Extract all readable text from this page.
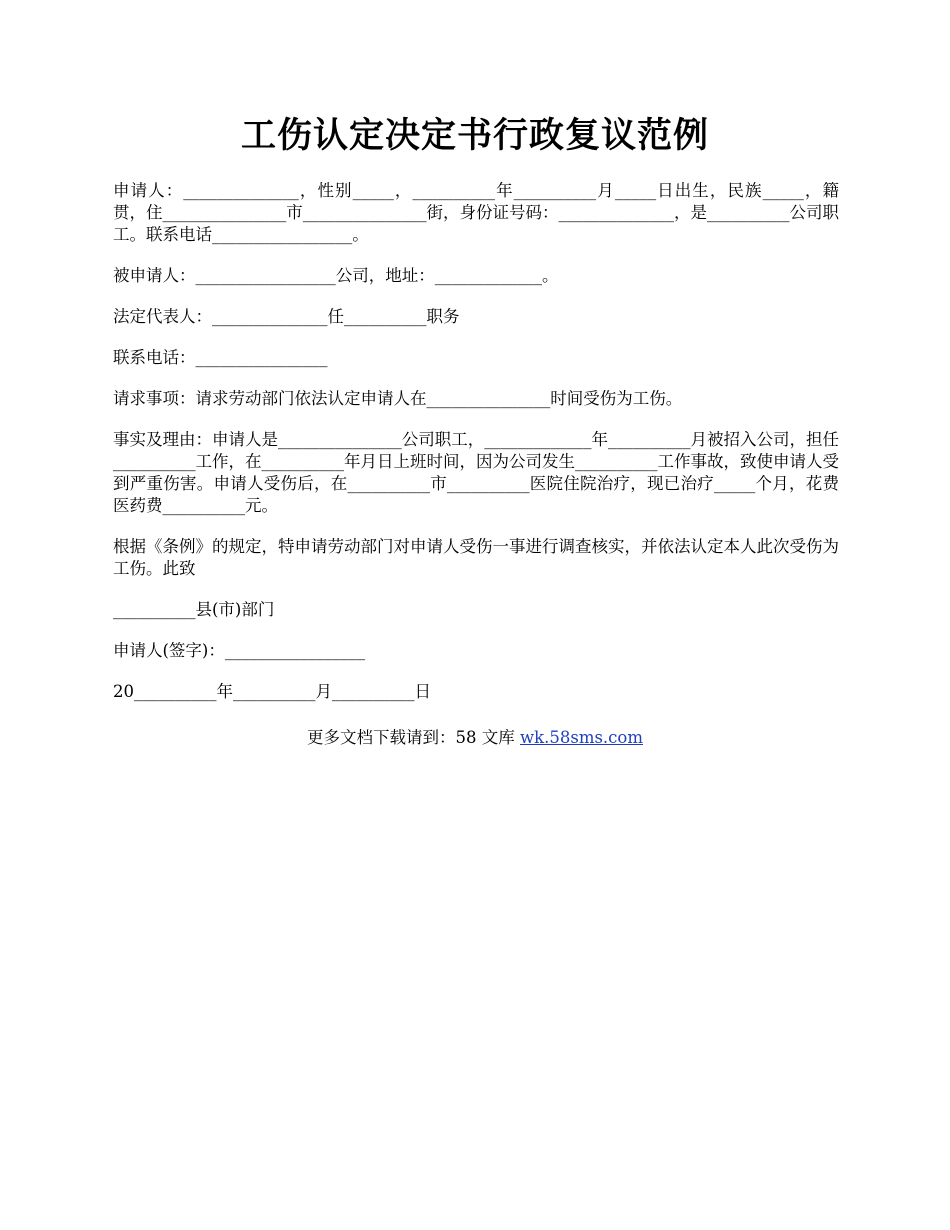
工伤认定决定书行政复议范例

申请人：______________，性别_____，__________年__________月_____日出生，民族_____，籍贯，住_______________市_______________街，身份证号码：______________，是__________公司职工。联系电话_________________。

被申请人：_________________公司，地址：_____________。

法定代表人：______________任__________职务

联系电话：________________

请求事项：请求劳动部门依法认定申请人在_______________时间受伤为工伤。

事实及理由：申请人是_______________公司职工，_____________年__________月被招入公司，担任__________工作，在__________年月日上班时间，因为公司发生__________工作事故，致使申请人受到严重伤害。申请人受伤后，在__________市__________医院住院治疗，现已治疗_____个月，花费医药费__________元。

根据《条例》的规定，特申请劳动部门对申请人受伤一事进行调查核实，并依法认定本人此次受伤为工伤。此致

__________县(市)部门

申请人(签字)：_________________

20__________年__________月__________日

更多文档下载请到：58 文库 wk.58sms.com
